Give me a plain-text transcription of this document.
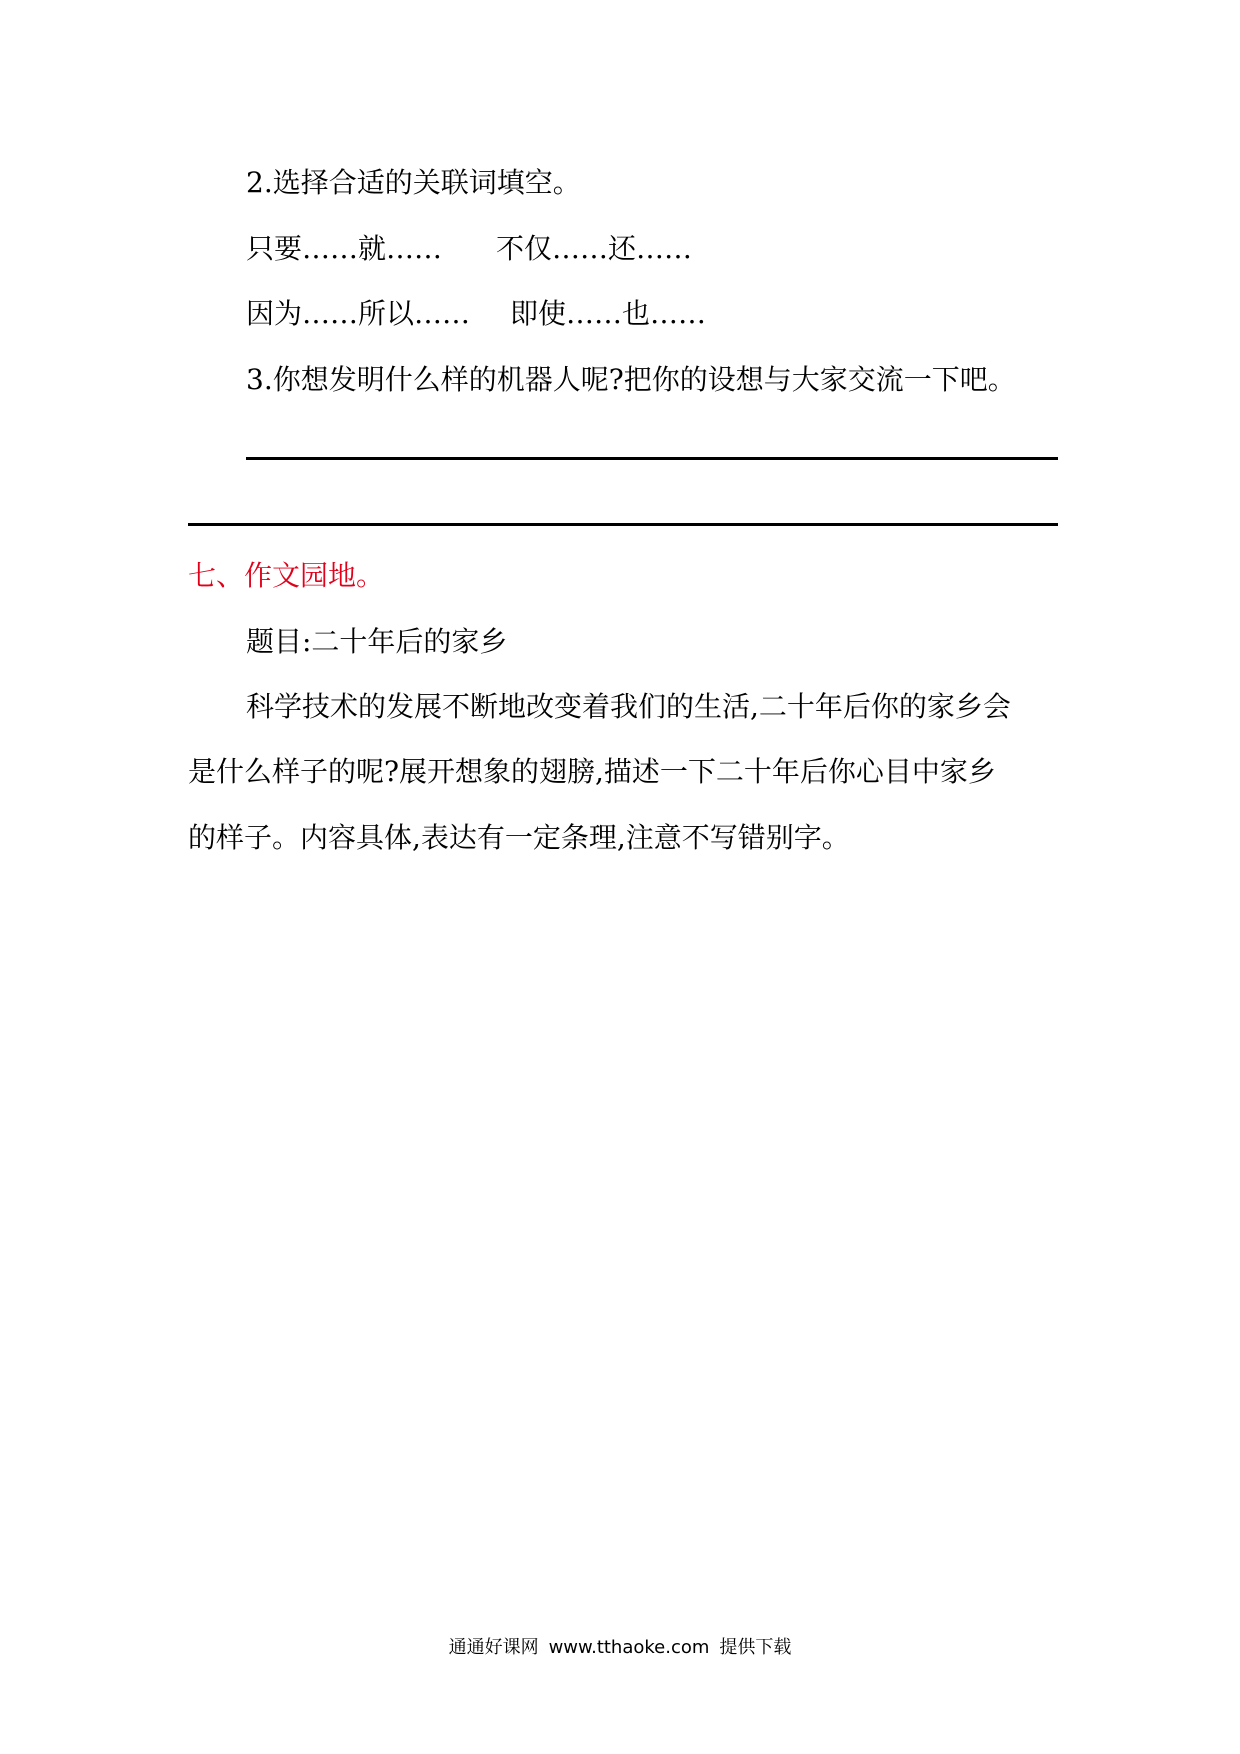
2.选择合适的关联词填空。
只要……就…… 不仅……还……
因为……所以…… 即使……也……
3.你想发明什么样的机器人呢?把你的设想与大家交流一下吧。
七、作文园地。
题目:二十年后的家乡
科学技术的发展不断地改变着我们的生活,二十年后你的家乡会
是什么样子的呢?展开想象的翅膀,描述一下二十年后你心目中家乡
的样子。内容具体,表达有一定条理,注意不写错别字。
通通好课网 www.tthaoke.com 提供下载
